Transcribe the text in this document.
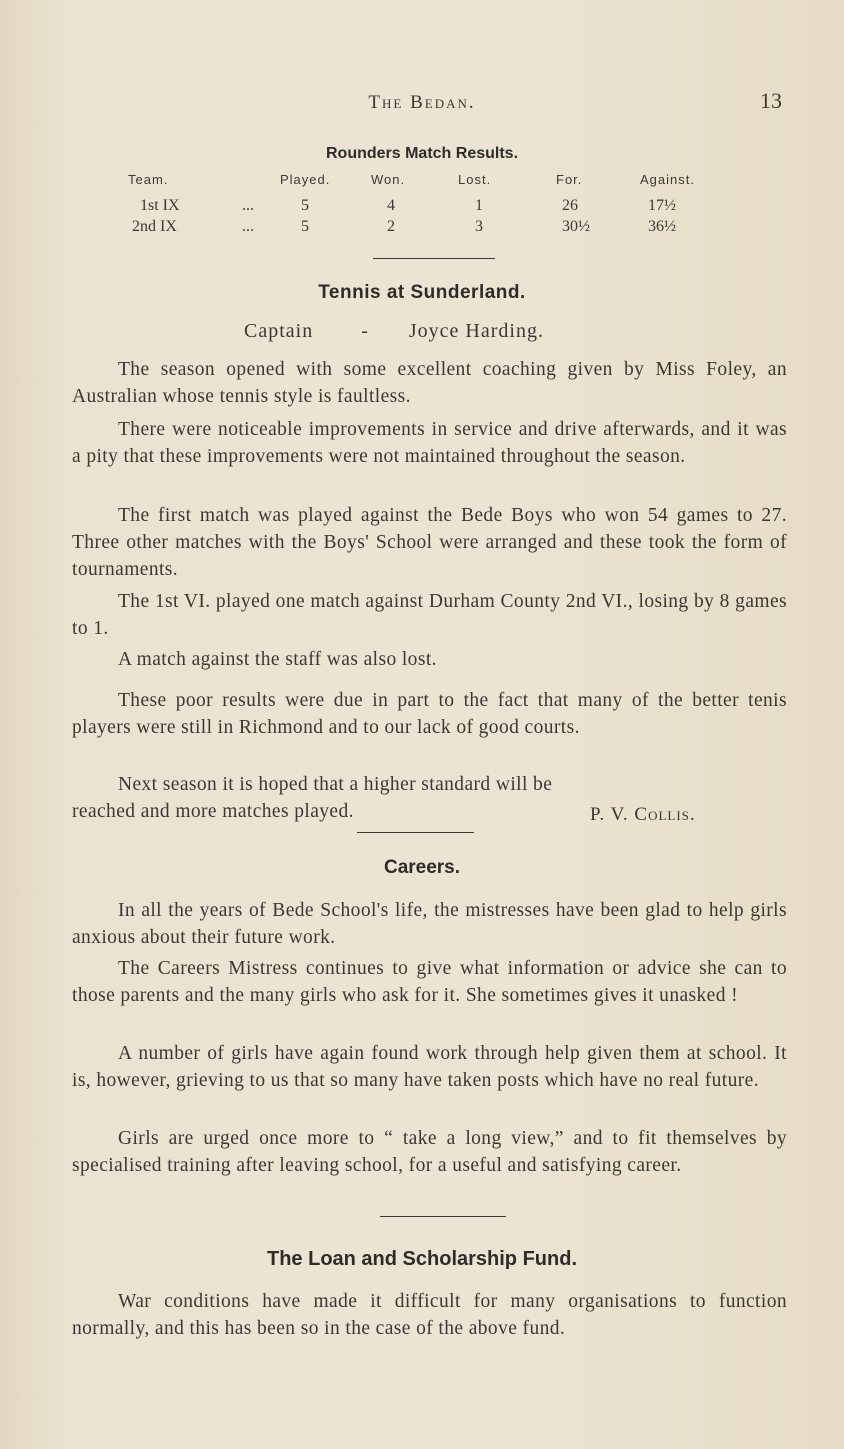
The Bedan.	13
Rounders Match Results.
Team.	Played.	Won.	Lost.	For.	Against.
1st IX	...	5	4	1	26	17½
2nd IX	...	5	2	3	30½	36½
Tennis at Sunderland.
Captain - Joyce Harding.

The season opened with some excellent coaching given by Miss Foley, an Australian whose tennis style is faultless.

There were noticeable improvements in service and drive afterwards, and it was a pity that these improvements were not maintained throughout the season.

The first match was played against the Bede Boys who won 54 games to 27. Three other matches with the Boys' School were arranged and these took the form of tournaments.

The 1st VI. played one match against Durham County 2nd VI., losing by 8 games to 1.

A match against the staff was also lost.

These poor results were due in part to the fact that many of the better tenis players were still in Richmond and to our lack of good courts.

Next season it is hoped that a higher standard will be reached and more matches played.	P. V. Collis.
Careers.

In all the years of Bede School's life, the mistresses have been glad to help girls anxious about their future work.

The Careers Mistress continues to give what information or advice she can to those parents and the many girls who ask for it. She sometimes gives it unasked !

A number of girls have again found work through help given them at school. It is, however, grieving to us that so many have taken posts which have no real future.

Girls are urged once more to “ take a long view,” and to fit themselves by specialised training after leaving school, for a useful and satisfying career.

The Loan and Scholarship Fund.

War conditions have made it difficult for many organisations to function normally, and this has been so in the case of the above fund.
